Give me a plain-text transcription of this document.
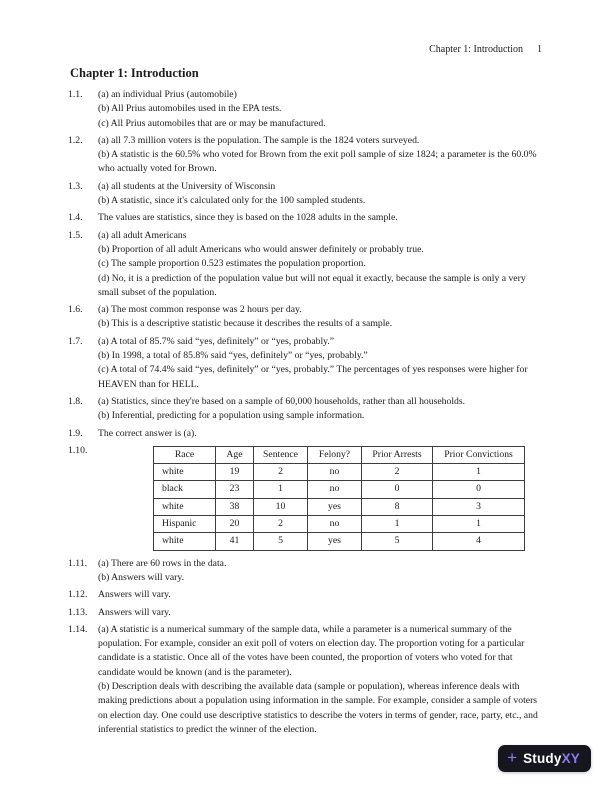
Chapter 1: Introduction 1
Chapter 1: Introduction
1.1.	(a) an individual Prius (automobile)

(b) All Prius automobiles used in the EPA tests.

(c) All Prius automobiles that are or may be manufactured.

1.2.	(a) all 7.3 million voters is the population. The sample is the 1824 voters surveyed.

(b) A statistic is the 60.5% who voted for Brown from the exit poll sample of size 1824; a parameter is the 60.0% who actually voted for Brown.

1.3.	(a) all students at the University of Wisconsin

(b) A statistic, since it's calculated only for the 100 sampled students.

1.4.	The values are statistics, since they is based on the 1028 adults in the sample.

1.5.	(a) all adult Americans

(b) Proportion of all adult Americans who would answer definitely or probably true.

(c) The sample proportion 0.523 estimates the population proportion.

(d) No, it is a prediction of the population value but will not equal it exactly, because the sample is only a very small subset of the population.

1.6.	(a) The most common response was 2 hours per day.

(b) This is a descriptive statistic because it describes the results of a sample.

1.7.	(a) A total of 85.7% said “yes, definitely” or “yes, probably.”

(b) In 1998, a total of 85.8% said “yes, definitely” or “yes, probably.”

(c) A total of 74.4% said “yes, definitely” or “yes, probably.” The percentages of yes responses were higher for HEAVEN than for HELL.

1.8.	(a) Statistics, since they're based on a sample of 60,000 households, rather than all households.

(b) Inferential, predicting for a population using sample information.

1.9.	The correct answer is (a).

1.10.	Race	Age	Sentence	Felony?	Prior Arrests	Prior Convictions
white	19	2	no	2	1
black	23	1	no	0	0
white	38	10	yes	8	3
Hispanic	20	2	no	1	1
white	41	5	yes	5	4
1.11.	(a) There are 60 rows in the data.

(b) Answers will vary.

1.12.	Answers will vary.

1.13.	Answers will vary.

1.14.	(a) A statistic is a numerical summary of the sample data, while a parameter is a numerical summary of the population. For example, consider an exit poll of voters on election day. The proportion voting for a particular candidate is a statistic. Once all of the votes have been counted, the proportion of voters who voted for that candidate would be known (and is the parameter).

(b) Description deals with describing the available data (sample or population), whereas inference deals with making predictions about a population using information in the sample. For example, consider a sample of voters on election day. One could use descriptive statistics to describe the voters in terms of gender, race, party, etc., and inferential statistics to predict the winner of the election.

+ Study XY
